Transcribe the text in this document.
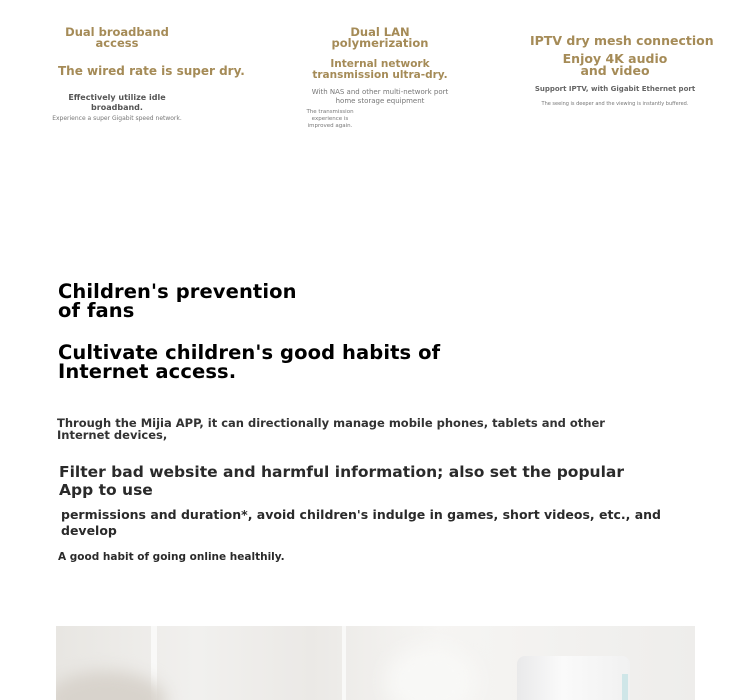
Dual broadband access
The wired rate is super dry.
Effectively utilize idle broadband.
Experience a super Gigabit speed network.
Dual LAN polymerization
Internal network transmission ultra-dry.
With NAS and other multi-network port home storage equipment
The transmission experience is improved again.
IPTV dry mesh connection
Enjoy 4K audio and video
Support IPTV, with Gigabit Ethernet port
The seeing is deeper and the viewing is instantly buffered.
Children's prevention of fans
Cultivate children's good habits of Internet access.
Through the Mijia APP, it can directionally manage mobile phones, tablets and other Internet devices,
Filter bad website and harmful information; also set the popular App to use
permissions and duration*, avoid children's indulge in games, short videos, etc., and develop
A good habit of going online healthily.
